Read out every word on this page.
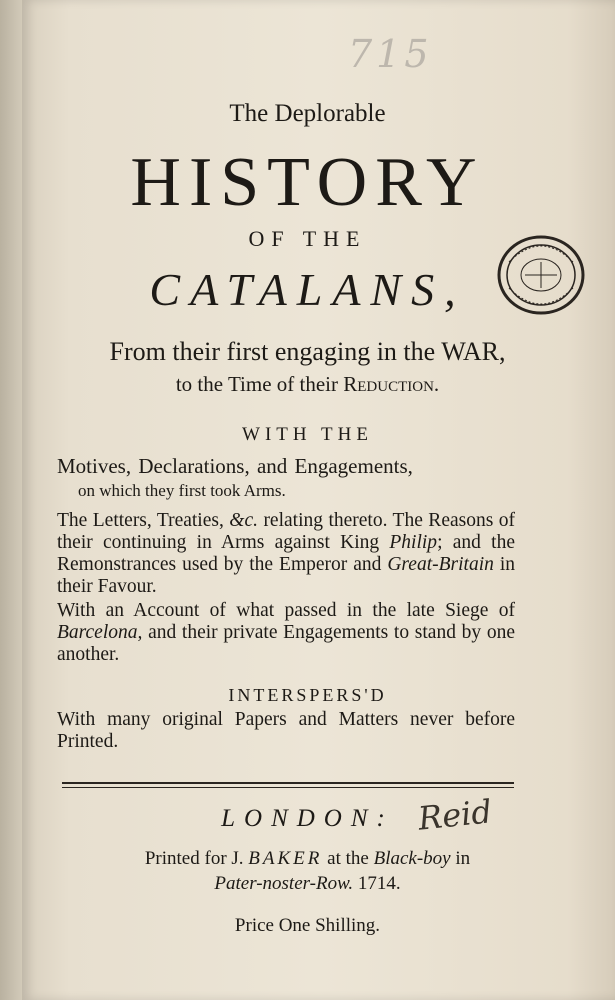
715
The Deplorable
HISTORY
OF THE
CATALANS,
From their first engaging in the WAR,
to the Time of their Reduction.
WITH THE
Motives, Declarations, and Engagements,
on which they first took Arms.
The Letters, Treaties, &c. relating thereto. The Reasons of their continuing in Arms against King Philip; and the Remonstrances used by the Emperor and Great-Britain in their Favour.
With an Account of what passed in the late Siege of Barcelona, and their private Engagements to stand by one another.
INTERSPERS'D
With many original Papers and Matters never before Printed.
LONDON: Reid
Printed for J. BAKER at the Black-boy in
Pater-noster-Row. 1714.
Price One Shilling.
